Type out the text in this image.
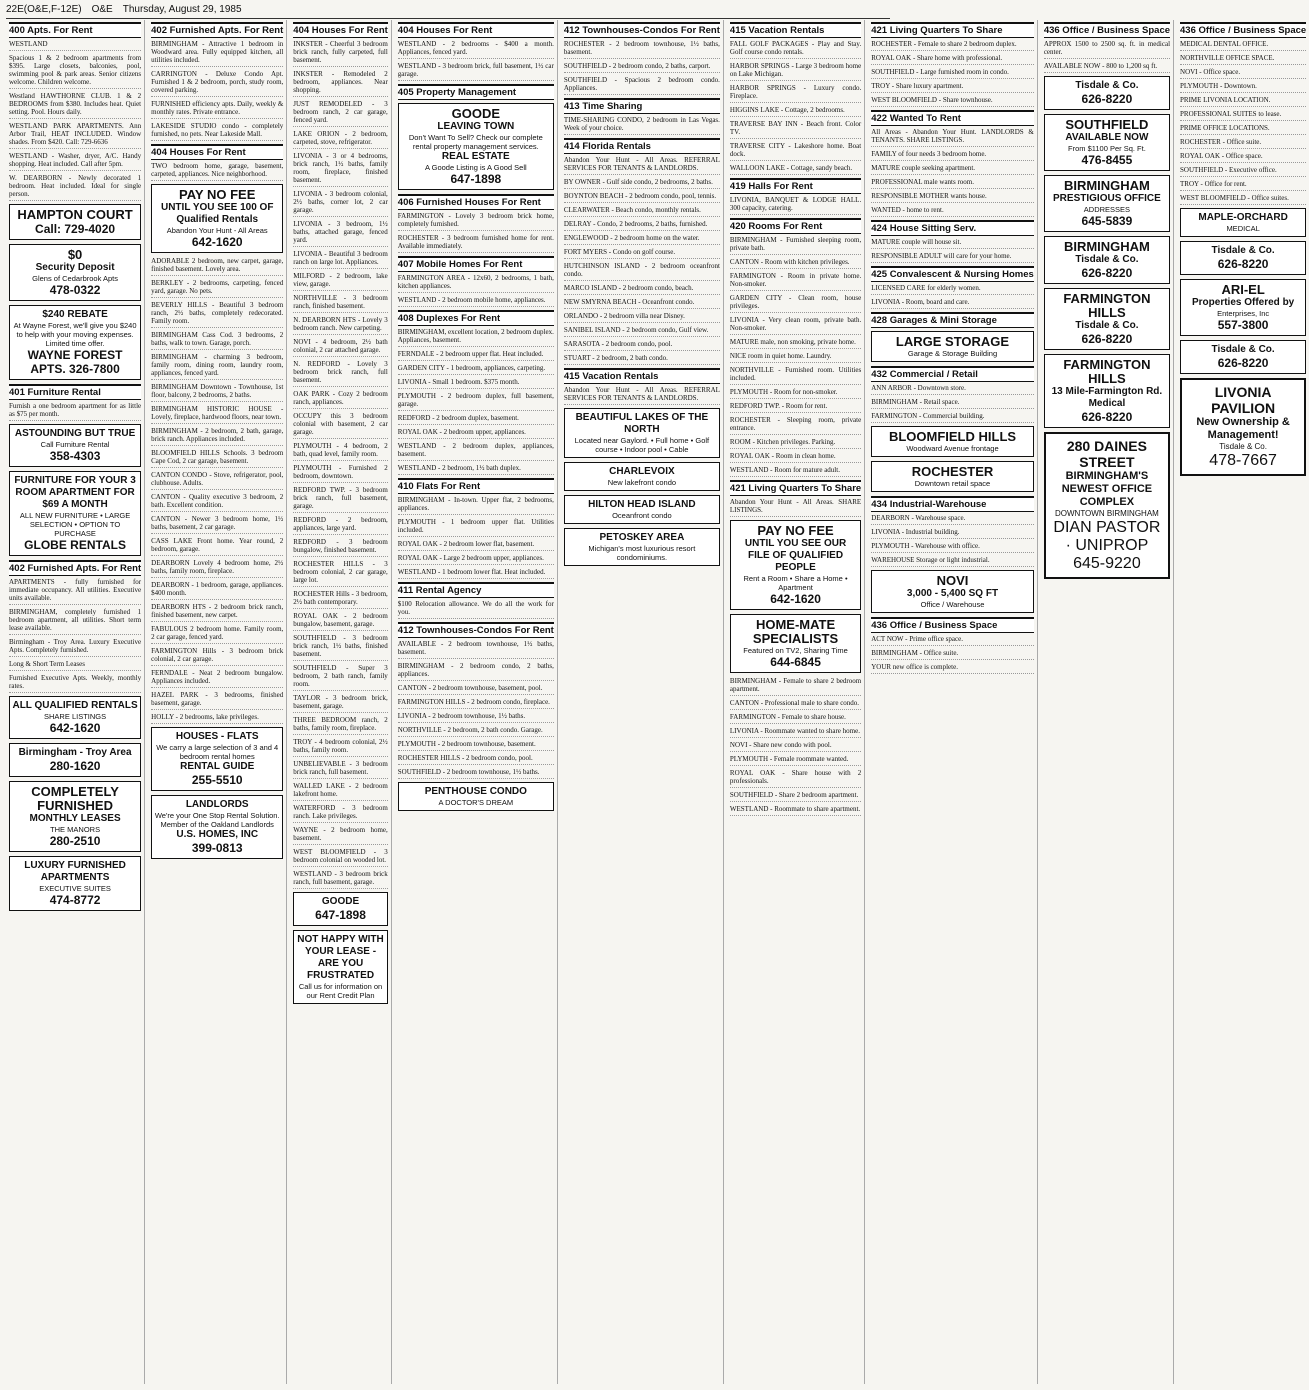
22E(O&E,F-12E) O&E Thursday, August 29, 1985
400 Apts. For Rent
WESTLAND
Spacious 1 & 2 bedroom apartments from $395. Large closets, balconies, pool, swimming pool & park areas. Senior citizens welcome. Children welcome.
Westland HAWTHORNE CLUB. 1 & 2 BEDROOMS from $380. Includes heat. Quiet setting. Pool. Hours daily.
WESTLAND PARK APARTMENTS. Ann Arbor Trail, HEAT INCLUDED. Window shades. From $420. Call: 729-6636
WESTLAND - Washer, dryer, A/C. Handy shopping. Heat included. Call after 5pm.
W. DEARBORN - Newly decorated 1 bedroom. Heat included. Ideal for single person.
HAMPTON COURT
Call: 729-4020
$0
Security Deposit
Glens of Cedarbrook Apts
478-0322
$240 REBATE
At Wayne Forest, we'll give you $240 to help with your moving expenses. Limited time offer.
WAYNE FOREST APTS. 326-7800
401 Furniture Rental
Furnish a one bedroom apartment for as little as $75 per month.
ASTOUNDING BUT TRUE
Call Furniture Rental
358-4303
FURNITURE FOR YOUR 3 ROOM APARTMENT FOR $69 A MONTH
ALL NEW FURNITURE • LARGE SELECTION • OPTION TO PURCHASE
GLOBE RENTALS
402 Furnished Apts. For Rent
APARTMENTS - fully furnished for immediate occupancy. All utilities. Executive units available.
BIRMINGHAM, completely furnished 1 bedroom apartment, all utilities. Short term lease available.
Birmingham - Troy Area. Luxury Executive Apts. Completely furnished.
Long & Short Term Leases
Furnished Executive Apts. Weekly, monthly rates.
ALL QUALIFIED RENTALS
SHARE LISTINGS
642-1620
Birmingham - Troy Area
280-1620
COMPLETELY FURNISHED
MONTHLY LEASES
THE MANORS
280-2510
LUXURY FURNISHED APARTMENTS
EXECUTIVE SUITES
474-8772
402 Furnished Apts. For Rent
BIRMINGHAM - Attractive 1 bedroom in Woodward area. Fully equipped kitchen, all utilities included.
CARRINGTON - Deluxe Condo Apt. Furnished 1 & 2 bedroom, porch, study room, covered parking.
FURNISHED efficiency apts. Daily, weekly & monthly rates. Private entrance.
LAKESIDE STUDIO condo - completely furnished, no pets. Near Lakeside Mall.
404 Houses For Rent
TWO bedroom home, garage, basement, carpeted, appliances. Nice neighborhood.
PAY NO FEE
UNTIL YOU SEE 100 OF Qualified Rentals
Abandon Your Hunt - All Areas
642-1620
ADORABLE 2 bedroom, new carpet, garage, finished basement. Lovely area.
BERKLEY - 2 bedrooms, carpeting, fenced yard, garage. No pets.
BEVERLY HILLS - Beautiful 3 bedroom ranch, 2½ baths, completely redecorated. Family room.
BIRMINGHAM Cass Cod. 3 bedrooms, 2 baths, walk to town. Garage, porch.
BIRMINGHAM - charming 3 bedroom, family room, dining room, laundry room, appliances, fenced yard.
BIRMINGHAM Downtown - Townhouse, 1st floor, balcony, 2 bedrooms, 2 baths.
BIRMINGHAM HISTORIC HOUSE - Lovely, fireplace, hardwood floors, near town.
BIRMINGHAM - 2 bedroom, 2 bath, garage, brick ranch. Appliances included.
BLOOMFIELD HILLS Schools. 3 bedroom Cape Cod, 2 car garage, basement.
CANTON CONDO - Stove, refrigerator, pool, clubhouse. Adults.
CANTON - Quality executive 3 bedroom, 2 bath. Excellent condition.
CANTON - Newer 3 bedroom home, 1½ baths, basement, 2 car garage.
CASS LAKE Front home. Year round, 2 bedroom, garage.
DEARBORN Lovely 4 bedroom home, 2½ baths, family room, fireplace.
DEARBORN - 1 bedroom, garage, appliances. $400 month.
DEARBORN HTS - 2 bedroom brick ranch, finished basement, new carpet.
FABULOUS 2 bedroom home. Family room, 2 car garage, fenced yard.
FARMINGTON Hills - 3 bedroom brick colonial, 2 car garage.
FERNDALE - Neat 2 bedroom bungalow. Appliances included.
HAZEL PARK - 3 bedrooms, finished basement, garage.
HOLLY - 2 bedrooms, lake privileges.
HOUSES - FLATS
We carry a large selection of 3 and 4 bedroom rental homes
RENTAL GUIDE
255-5510
LANDLORDS
We're your One Stop Rental Solution. Member of the Oakland Landlords
U.S. HOMES, INC
399-0813
404 Houses For Rent
INKSTER - Cheerful 3 bedroom brick ranch, fully carpeted, full basement.
INKSTER - Remodeled 2 bedroom, appliances. Near shopping.
JUST REMODELED - 3 bedroom ranch, 2 car garage, fenced yard.
LAKE ORION - 2 bedroom, carpeted, stove, refrigerator.
LIVONIA - 3 or 4 bedrooms, brick ranch, 1½ baths, family room, fireplace, finished basement.
LIVONIA - 3 bedroom colonial, 2½ baths, corner lot, 2 car garage.
LIVONIA - 3 bedroom, 1½ baths, attached garage, fenced yard.
LIVONIA - Beautiful 3 bedroom ranch on large lot. Appliances.
MILFORD - 2 bedroom, lake view, garage.
NORTHVILLE - 3 bedroom ranch, finished basement.
N. DEARBORN HTS - Lovely 3 bedroom ranch. New carpeting.
NOVI - 4 bedroom, 2½ bath colonial, 2 car attached garage.
N. REDFORD - Lovely 3 bedroom brick ranch, full basement.
OAK PARK - Cozy 2 bedroom ranch, appliances.
OCCUPY this 3 bedroom colonial with basement, 2 car garage.
PLYMOUTH - 4 bedroom, 2 bath, quad level, family room.
PLYMOUTH - Furnished 2 bedroom, downtown.
REDFORD TWP. - 3 bedroom brick ranch, full basement, garage.
REDFORD - 2 bedroom, appliances, large yard.
REDFORD - 3 bedroom bungalow, finished basement.
ROCHESTER HILLS - 3 bedroom colonial, 2 car garage, large lot.
ROCHESTER Hills - 3 bedroom, 2½ bath contemporary.
ROYAL OAK - 2 bedroom bungalow, basement, garage.
SOUTHFIELD - 3 bedroom brick ranch, 1½ baths, finished basement.
SOUTHFIELD - Super 3 bedroom, 2 bath ranch, family room.
TAYLOR - 3 bedroom brick, basement, garage.
THREE BEDROOM ranch, 2 baths, family room, fireplace.
TROY - 4 bedroom colonial, 2½ baths, family room.
UNBELIEVABLE - 3 bedroom brick ranch, full basement.
WALLED LAKE - 2 bedroom lakefront home.
WATERFORD - 3 bedroom ranch. Lake privileges.
WAYNE - 2 bedroom home, basement.
WEST BLOOMFIELD - 3 bedroom colonial on wooded lot.
WESTLAND - 3 bedroom brick ranch, full basement, garage.
GOODE
647-1898
NOT HAPPY WITH YOUR LEASE - ARE YOU FRUSTRATED
Call us for information on our Rent Credit Plan
404 Houses For Rent
WESTLAND - 2 bedrooms - $400 a month. Appliances, fenced yard.
WESTLAND - 3 bedroom brick, full basement, 1½ car garage.
405 Property Management
GOODE
LEAVING TOWN
Don't Want To Sell? Check our complete rental property management services.
REAL ESTATE
A Goode Listing is A Good Sell
647-1898
406 Furnished Houses For Rent
FARMINGTON - Lovely 3 bedroom brick home, completely furnished.
ROCHESTER - 3 bedroom furnished home for rent. Available immediately.
407 Mobile Homes For Rent
FARMINGTON AREA - 12x60, 2 bedrooms, 1 bath, kitchen appliances.
WESTLAND - 2 bedroom mobile home, appliances.
408 Duplexes For Rent
BIRMINGHAM, excellent location, 2 bedroom duplex. Appliances, basement.
FERNDALE - 2 bedroom upper flat. Heat included.
GARDEN CITY - 1 bedroom, appliances, carpeting.
LIVONIA - Small 1 bedroom. $375 month.
PLYMOUTH - 2 bedroom duplex, full basement, garage.
REDFORD - 2 bedroom duplex, basement.
ROYAL OAK - 2 bedroom upper, appliances.
WESTLAND - 2 bedroom duplex, appliances, basement.
WESTLAND - 2 bedroom, 1½ bath duplex.
410 Flats For Rent
BIRMINGHAM - In-town. Upper flat, 2 bedrooms, appliances.
PLYMOUTH - 1 bedroom upper flat. Utilities included.
ROYAL OAK - 2 bedroom lower flat, basement.
ROYAL OAK - Large 2 bedroom upper, appliances.
WESTLAND - 1 bedroom lower flat. Heat included.
411 Rental Agency
$100 Relocation allowance. We do all the work for you.
412 Townhouses-Condos For Rent
AVAILABLE - 2 bedroom townhouse, 1½ baths, basement.
BIRMINGHAM - 2 bedroom condo, 2 baths, appliances.
CANTON - 2 bedroom townhouse, basement, pool.
FARMINGTON HILLS - 2 bedroom condo, fireplace.
LIVONIA - 2 bedroom townhouse, 1½ baths.
NORTHVILLE - 2 bedroom, 2 bath condo. Garage.
PLYMOUTH - 2 bedroom townhouse, basement.
ROCHESTER HILLS - 2 bedroom condo, pool.
SOUTHFIELD - 2 bedroom townhouse, 1½ baths.
PENTHOUSE CONDO
A DOCTOR'S DREAM
412 Townhouses-Condos For Rent
ROCHESTER - 2 bedroom townhouse, 1½ baths, basement.
SOUTHFIELD - 2 bedroom condo, 2 baths, carport.
SOUTHFIELD - Spacious 2 bedroom condo. Appliances.
413 Time Sharing
TIME-SHARING CONDO, 2 bedroom in Las Vegas. Week of your choice.
414 Florida Rentals
Abandon Your Hunt - All Areas. REFERRAL SERVICES FOR TENANTS & LANDLORDS.
BY OWNER - Gulf side condo, 2 bedrooms, 2 baths.
BOYNTON BEACH - 2 bedroom condo, pool, tennis.
CLEARWATER - Beach condo, monthly rentals.
DELRAY - Condo, 2 bedrooms, 2 baths, furnished.
ENGLEWOOD - 2 bedroom home on the water.
FORT MYERS - Condo on golf course.
HUTCHINSON ISLAND - 2 bedroom oceanfront condo.
MARCO ISLAND - 2 bedroom condo, beach.
NEW SMYRNA BEACH - Oceanfront condo.
ORLANDO - 2 bedroom villa near Disney.
SANIBEL ISLAND - 2 bedroom condo, Gulf view.
SARASOTA - 2 bedroom condo, pool.
STUART - 2 bedroom, 2 bath condo.
415 Vacation Rentals
Abandon Your Hunt - All Areas. REFERRAL SERVICES FOR TENANTS & LANDLORDS.
BEAUTIFUL LAKES OF THE NORTH
Located near Gaylord. • Full home • Golf course • Indoor pool • Cable
CHARLEVOIX
New lakefront condo
HILTON HEAD ISLAND
Oceanfront condo
PETOSKEY AREA
Michigan's most luxurious resort condominiums.
415 Vacation Rentals
FALL GOLF PACKAGES - Play and Stay. Golf course condo rentals.
HARBOR SPRINGS - Large 3 bedroom home on Lake Michigan.
HARBOR SPRINGS - Luxury condo. Fireplace.
HIGGINS LAKE - Cottage, 2 bedrooms.
TRAVERSE BAY INN - Beach front. Color TV.
TRAVERSE CITY - Lakeshore home. Boat dock.
WALLOON LAKE - Cottage, sandy beach.
419 Halls For Rent
LIVONIA, BANQUET & LODGE HALL. 300 capacity, catering.
420 Rooms For Rent
BIRMINGHAM - Furnished sleeping room, private bath.
CANTON - Room with kitchen privileges.
FARMINGTON - Room in private home. Non-smoker.
GARDEN CITY - Clean room, house privileges.
LIVONIA - Very clean room, private bath. Non-smoker.
MATURE male, non smoking, private home.
NICE room in quiet home. Laundry.
NORTHVILLE - Furnished room. Utilities included.
PLYMOUTH - Room for non-smoker.
REDFORD TWP. - Room for rent.
ROCHESTER - Sleeping room, private entrance.
ROOM - Kitchen privileges. Parking.
ROYAL OAK - Room in clean home.
WESTLAND - Room for mature adult.
421 Living Quarters To Share
Abandon Your Hunt - All Areas. SHARE LISTINGS.
PAY NO FEE
UNTIL YOU SEE OUR FILE OF QUALIFIED PEOPLE
Rent a Room • Share a Home • Apartment
642-1620
HOME-MATE SPECIALISTS
Featured on TV2, Sharing Time
644-6845
BIRMINGHAM - Female to share 2 bedroom apartment.
CANTON - Professional male to share condo.
FARMINGTON - Female to share house.
LIVONIA - Roommate wanted to share home.
NOVI - Share new condo with pool.
PLYMOUTH - Female roommate wanted.
ROYAL OAK - Share house with 2 professionals.
SOUTHFIELD - Share 2 bedroom apartment.
WESTLAND - Roommate to share apartment.
421 Living Quarters To Share
ROCHESTER - Female to share 2 bedroom duplex.
ROYAL OAK - Share home with professional.
SOUTHFIELD - Large furnished room in condo.
TROY - Share luxury apartment.
WEST BLOOMFIELD - Share townhouse.
422 Wanted To Rent
All Areas - Abandon Your Hunt. LANDLORDS & TENANTS. SHARE LISTINGS.
FAMILY of four needs 3 bedroom home.
MATURE couple seeking apartment.
PROFESSIONAL male wants room.
RESPONSIBLE MOTHER wants house.
WANTED - home to rent.
424 House Sitting Serv.
MATURE couple will house sit.
RESPONSIBLE ADULT will care for your home.
425 Convalescent & Nursing Homes
LICENSED CARE for elderly women.
LIVONIA - Room, board and care.
428 Garages & Mini Storage
LARGE STORAGE
Garage & Storage Building
432 Commercial / Retail
ANN ARBOR - Downtown store.
BIRMINGHAM - Retail space.
FARMINGTON - Commercial building.
BLOOMFIELD HILLS
Woodward Avenue frontage
ROCHESTER
Downtown retail space
434 Industrial-Warehouse
DEARBORN - Warehouse space.
LIVONIA - Industrial building.
PLYMOUTH - Warehouse with office.
WAREHOUSE Storage or light industrial.
NOVI
3,000 - 5,400 SQ FT
Office / Warehouse
436 Office / Business Space
ACT NOW - Prime office space.
BIRMINGHAM - Office suite.
YOUR new office is complete.
436 Office / Business Space
APPROX 1500 to 2500 sq. ft. in medical center.
AVAILABLE NOW - 800 to 1,200 sq ft.
Tisdale & Co.
626-8220
SOUTHFIELD
AVAILABLE NOW
From $1100 Per Sq. Ft.
476-8455
BIRMINGHAM
PRESTIGIOUS OFFICE
ADDRESSES
645-5839
BIRMINGHAM
Tisdale & Co.
626-8220
FARMINGTON HILLS
Tisdale & Co.
626-8220
FARMINGTON HILLS
13 Mile-Farmington Rd. Medical
626-8220
280 DAINES STREET
BIRMINGHAM'S NEWEST OFFICE COMPLEX
DOWNTOWN BIRMINGHAM
DIAN PASTOR · UNIPROP 645-9220
436 Office / Business Space
MEDICAL DENTAL OFFICE.
NORTHVILLE OFFICE SPACE.
NOVI - Office space.
PLYMOUTH - Downtown.
PRIME LIVONIA LOCATION.
PROFESSIONAL SUITES to lease.
PRIME OFFICE LOCATIONS.
ROCHESTER - Office suite.
ROYAL OAK - Office space.
SOUTHFIELD - Executive office.
TROY - Office for rent.
WEST BLOOMFIELD - Office suites.
MAPLE-ORCHARD
MEDICAL
Tisdale & Co.
626-8220
ARI-EL
Properties Offered by
Enterprises, Inc
557-3800
Tisdale & Co.
626-8220
LIVONIA PAVILION
New Ownership & Management!
Tisdale & Co.
478-7667
